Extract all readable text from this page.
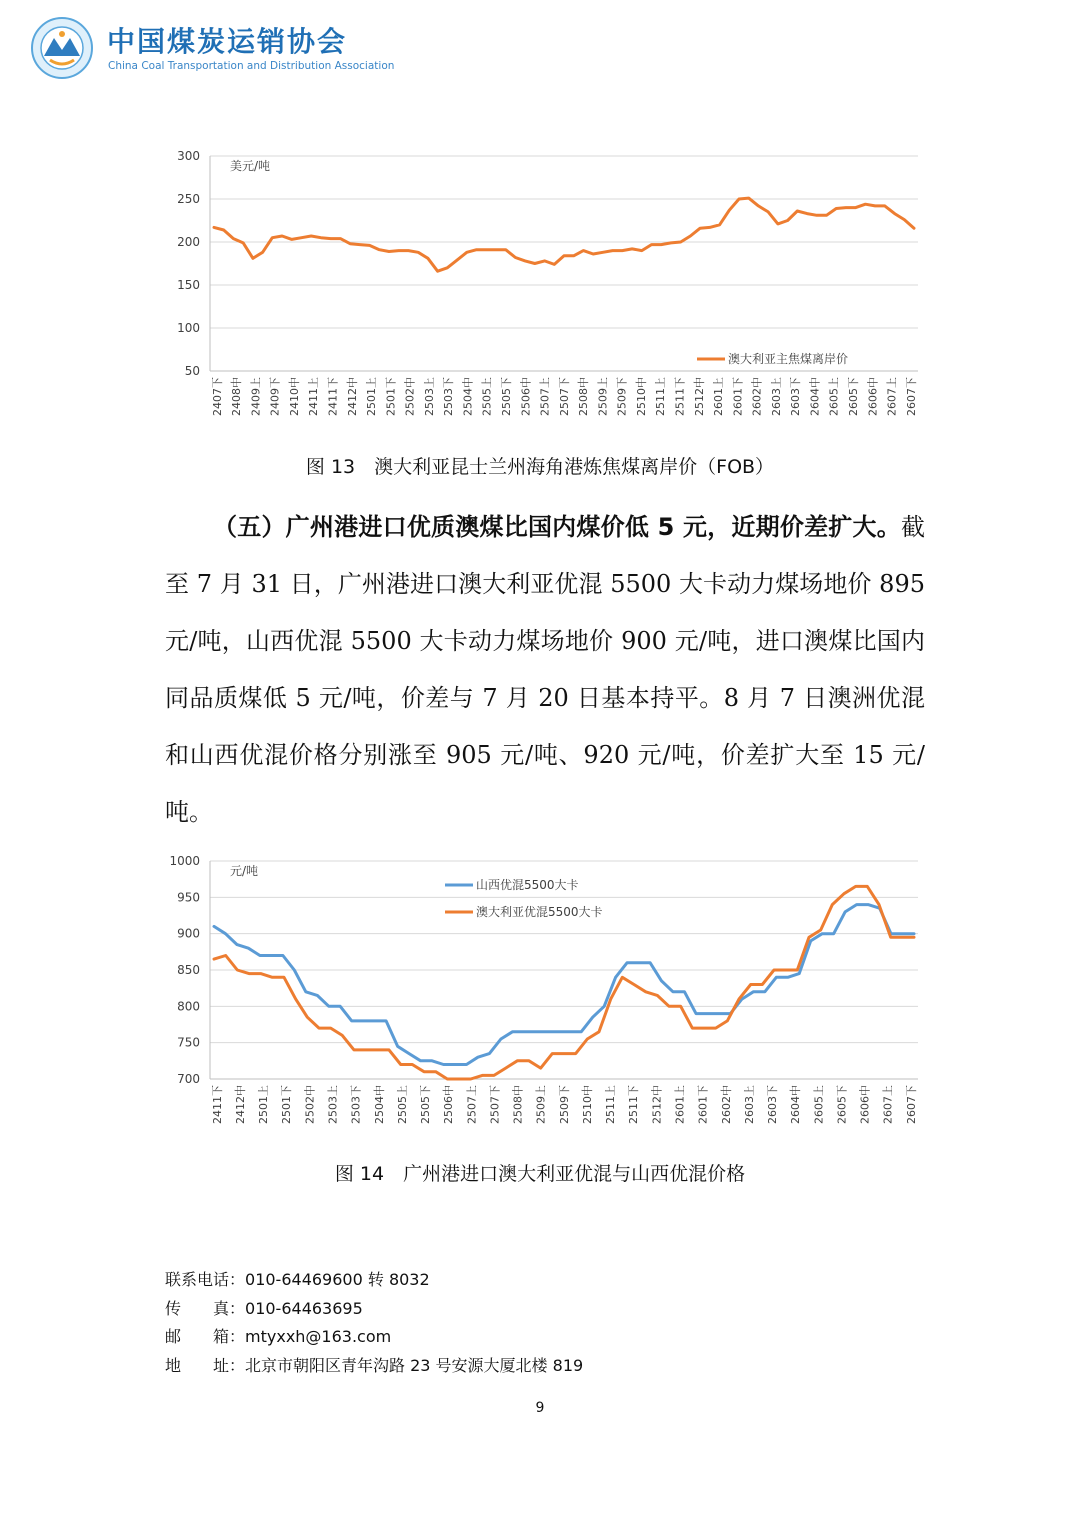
中国煤炭运销协会
China Coal Transportation and Distribution Association
50
100
150
200
250
300
美元/吨
2407下 2408中 2409上 2409下 2410中 2411上 2411下 2412中 2501上 2501下 2502中 2503上 2503下 2504中 2505上 2505下 2506中 2507上 2507下 2508中 2509上 2509下 2510中 2511上 2511下 2512中 2601上 2601下 2602中 2603上 2603下 2604中 2605上 2605下 2606中 2607上 2607下
澳大利亚主焦煤离岸价
图 13　澳大利亚昆士兰州海角港炼焦煤离岸价（FOB）

（五）广州港进口优质澳煤比国内煤价低 5 元，近期价差扩大。截至 7 月 31 日，广州港进口澳大利亚优混 5500 大卡动力煤场地价 895 元/吨，山西优混 5500 大卡动力煤场地价 900 元/吨，进口澳煤比国内同品质煤低 5 元/吨，价差与 7 月 20 日基本持平。8 月 7 日澳洲优混和山西优混价格分别涨至 905 元/吨、920 元/吨，价差扩大至 15 元/吨。

700
750
800
850
900
950
1000
元/吨
2411下 2412中 2501上 2501下 2502中 2503上 2503下 2504中 2505上 2505下 2506中 2507上 2507下 2508中 2509上 2509下 2510中 2511上 2511下 2512中 2601上 2601下 2602中 2603上 2603下 2604中 2605上 2605下 2606中 2607上 2607下
山西优混5500大卡
澳大利亚优混5500大卡
图 14　广州港进口澳大利亚优混与山西优混价格
联系电话：010-64469600 转 8032
传　　真：010-64463695
邮　　箱：mtyxxh@163.com
地　　址：北京市朝阳区青年沟路 23 号安源大厦北楼 819
9
